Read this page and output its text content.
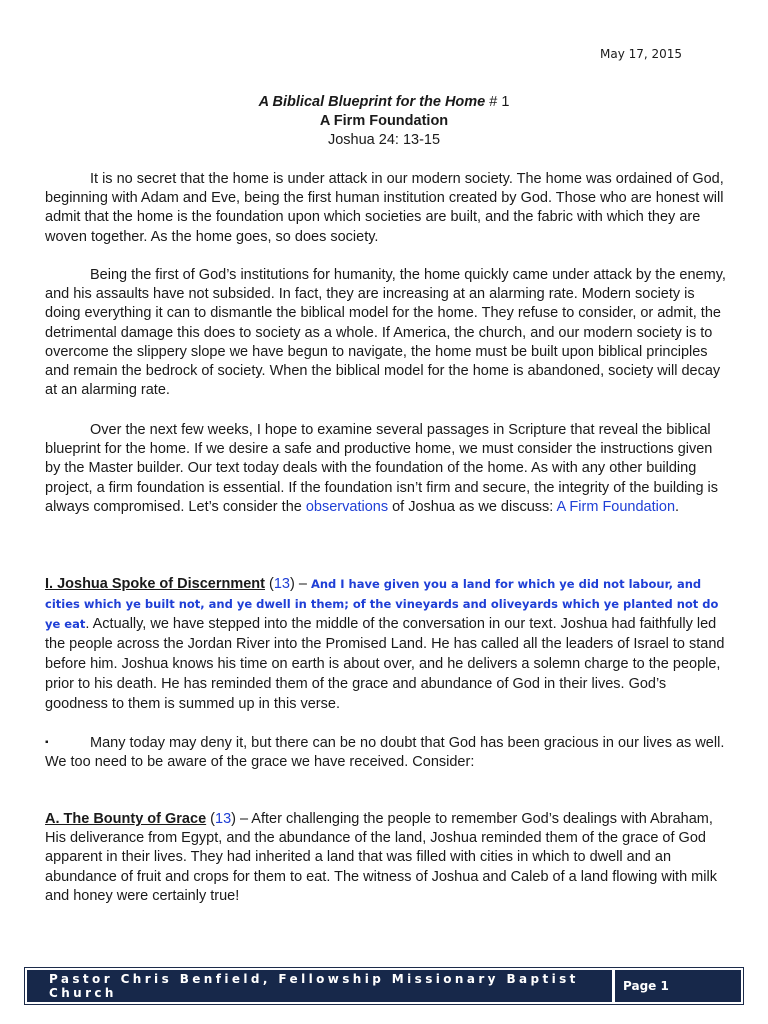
May 17, 2015
A Biblical Blueprint for the Home # 1
A Firm Foundation
Joshua 24: 13-15

It is no secret that the home is under attack in our modern society. The home was ordained of God, beginning with Adam and Eve, being the first human institution created by God. Those who are honest will admit that the home is the foundation upon which societies are built, and the fabric with which they are woven together. As the home goes, so does society.

Being the first of God’s institutions for humanity, the home quickly came under attack by the enemy, and his assaults have not subsided. In fact, they are increasing at an alarming rate. Modern society is doing everything it can to dismantle the biblical model for the home. They refuse to consider, or admit, the detrimental damage this does to society as a whole. If America, the church, and our modern society is to overcome the slippery slope we have begun to navigate, the home must be built upon biblical principles and remain the bedrock of society. When the biblical model for the home is abandoned, society will decay at an alarming rate.

Over the next few weeks, I hope to examine several passages in Scripture that reveal the biblical blueprint for the home. If we desire a safe and productive home, we must consider the instructions given by the Master builder. Our text today deals with the foundation of the home. As with any other building project, a firm foundation is essential. If the foundation isn’t firm and secure, the integrity of the building is always compromised. Let’s consider the observations of Joshua as we discuss: A Firm Foundation.

I. Joshua Spoke of Discernment (13) – And I have given you a land for which ye did not labour, and cities which ye built not, and ye dwell in them; of the vineyards and oliveyards which ye planted not do ye eat. Actually, we have stepped into the middle of the conversation in our text. Joshua had faithfully led the people across the Jordan River into the Promised Land. He has called all the leaders of Israel to stand before him. Joshua knows his time on earth is about over, and he delivers a solemn charge to the people, prior to his death. He has reminded them of the grace and abundance of God in their lives. God’s goodness to them is summed up in this verse.

▪	Many today may deny it, but there can be no doubt that God has been gracious in our lives as well. We too need to be aware of the grace we have received. Consider:

A. The Bounty of Grace (13) – After challenging the people to remember God’s dealings with Abraham, His deliverance from Egypt, and the abundance of the land, Joshua reminded them of the grace of God apparent in their lives. They had inherited a land that was filled with cities in which to dwell and an abundance of fruit and crops for them to eat. The witness of Joshua and Caleb of a land flowing with milk and honey were certainly true!

Pastor Chris Benfield, Fellowship Missionary Baptist Church	Page 1
